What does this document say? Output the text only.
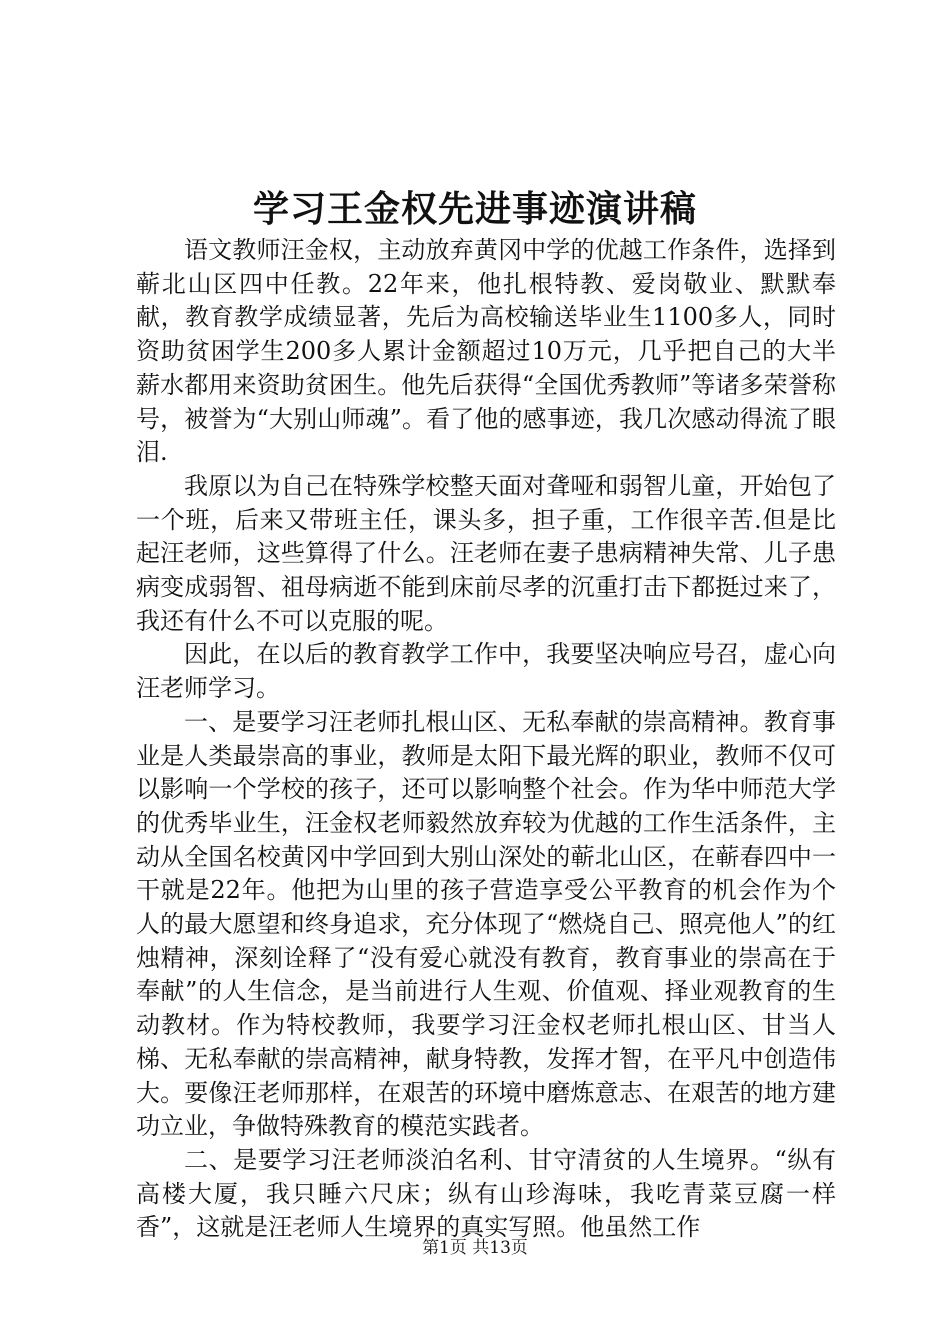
学习王金权先进事迹演讲稿

语文教师汪金权，主动放弃黄冈中学的优越工作条件，选择到蕲北山区四中任教。22年来，他扎根特教、爱岗敬业、默默奉献，教育教学成绩显著，先后为高校输送毕业生1100多人，同时资助贫困学生200多人累计金额超过10万元，几乎把自己的大半薪水都用来资助贫困生。他先后获得“全国优秀教师”等诸多荣誉称号，被誉为“大别山师魂”。看了他的感事迹，我几次感动得流了眼泪.

我原以为自己在特殊学校整天面对聋哑和弱智儿童，开始包了一个班，后来又带班主任，课头多，担子重，工作很辛苦.但是比起汪老师，这些算得了什么。汪老师在妻子患病精神失常、儿子患病变成弱智、祖母病逝不能到床前尽孝的沉重打击下都挺过来了，我还有什么不可以克服的呢。

因此，在以后的教育教学工作中，我要坚决响应号召，虚心向汪老师学习。

一、是要学习汪老师扎根山区、无私奉献的崇高精神。教育事业是人类最崇高的事业，教师是太阳下最光辉的职业，教师不仅可以影响一个学校的孩子，还可以影响整个社会。作为华中师范大学的优秀毕业生，汪金权老师毅然放弃较为优越的工作生活条件，主动从全国名校黄冈中学回到大别山深处的蕲北山区，在蕲春四中一干就是22年。他把为山里的孩子营造享受公平教育的机会作为个人的最大愿望和终身追求，充分体现了“燃烧自己、照亮他人”的红烛精神，深刻诠释了“没有爱心就没有教育，教育事业的崇高在于奉献”的人生信念，是当前进行人生观、价值观、择业观教育的生动教材。作为特校教师，我要学习汪金权老师扎根山区、甘当人梯、无私奉献的崇高精神，献身特教，发挥才智，在平凡中创造伟大。要像汪老师那样，在艰苦的环境中磨炼意志、在艰苦的地方建功立业，争做特殊教育的模范实践者。

二、是要学习汪老师淡泊名利、甘守清贫的人生境界。“纵有高楼大厦，我只睡六尺床；纵有山珍海味，我吃青菜豆腐一样香”，这就是汪老师人生境界的真实写照。他虽然工作

第1页 共13页
